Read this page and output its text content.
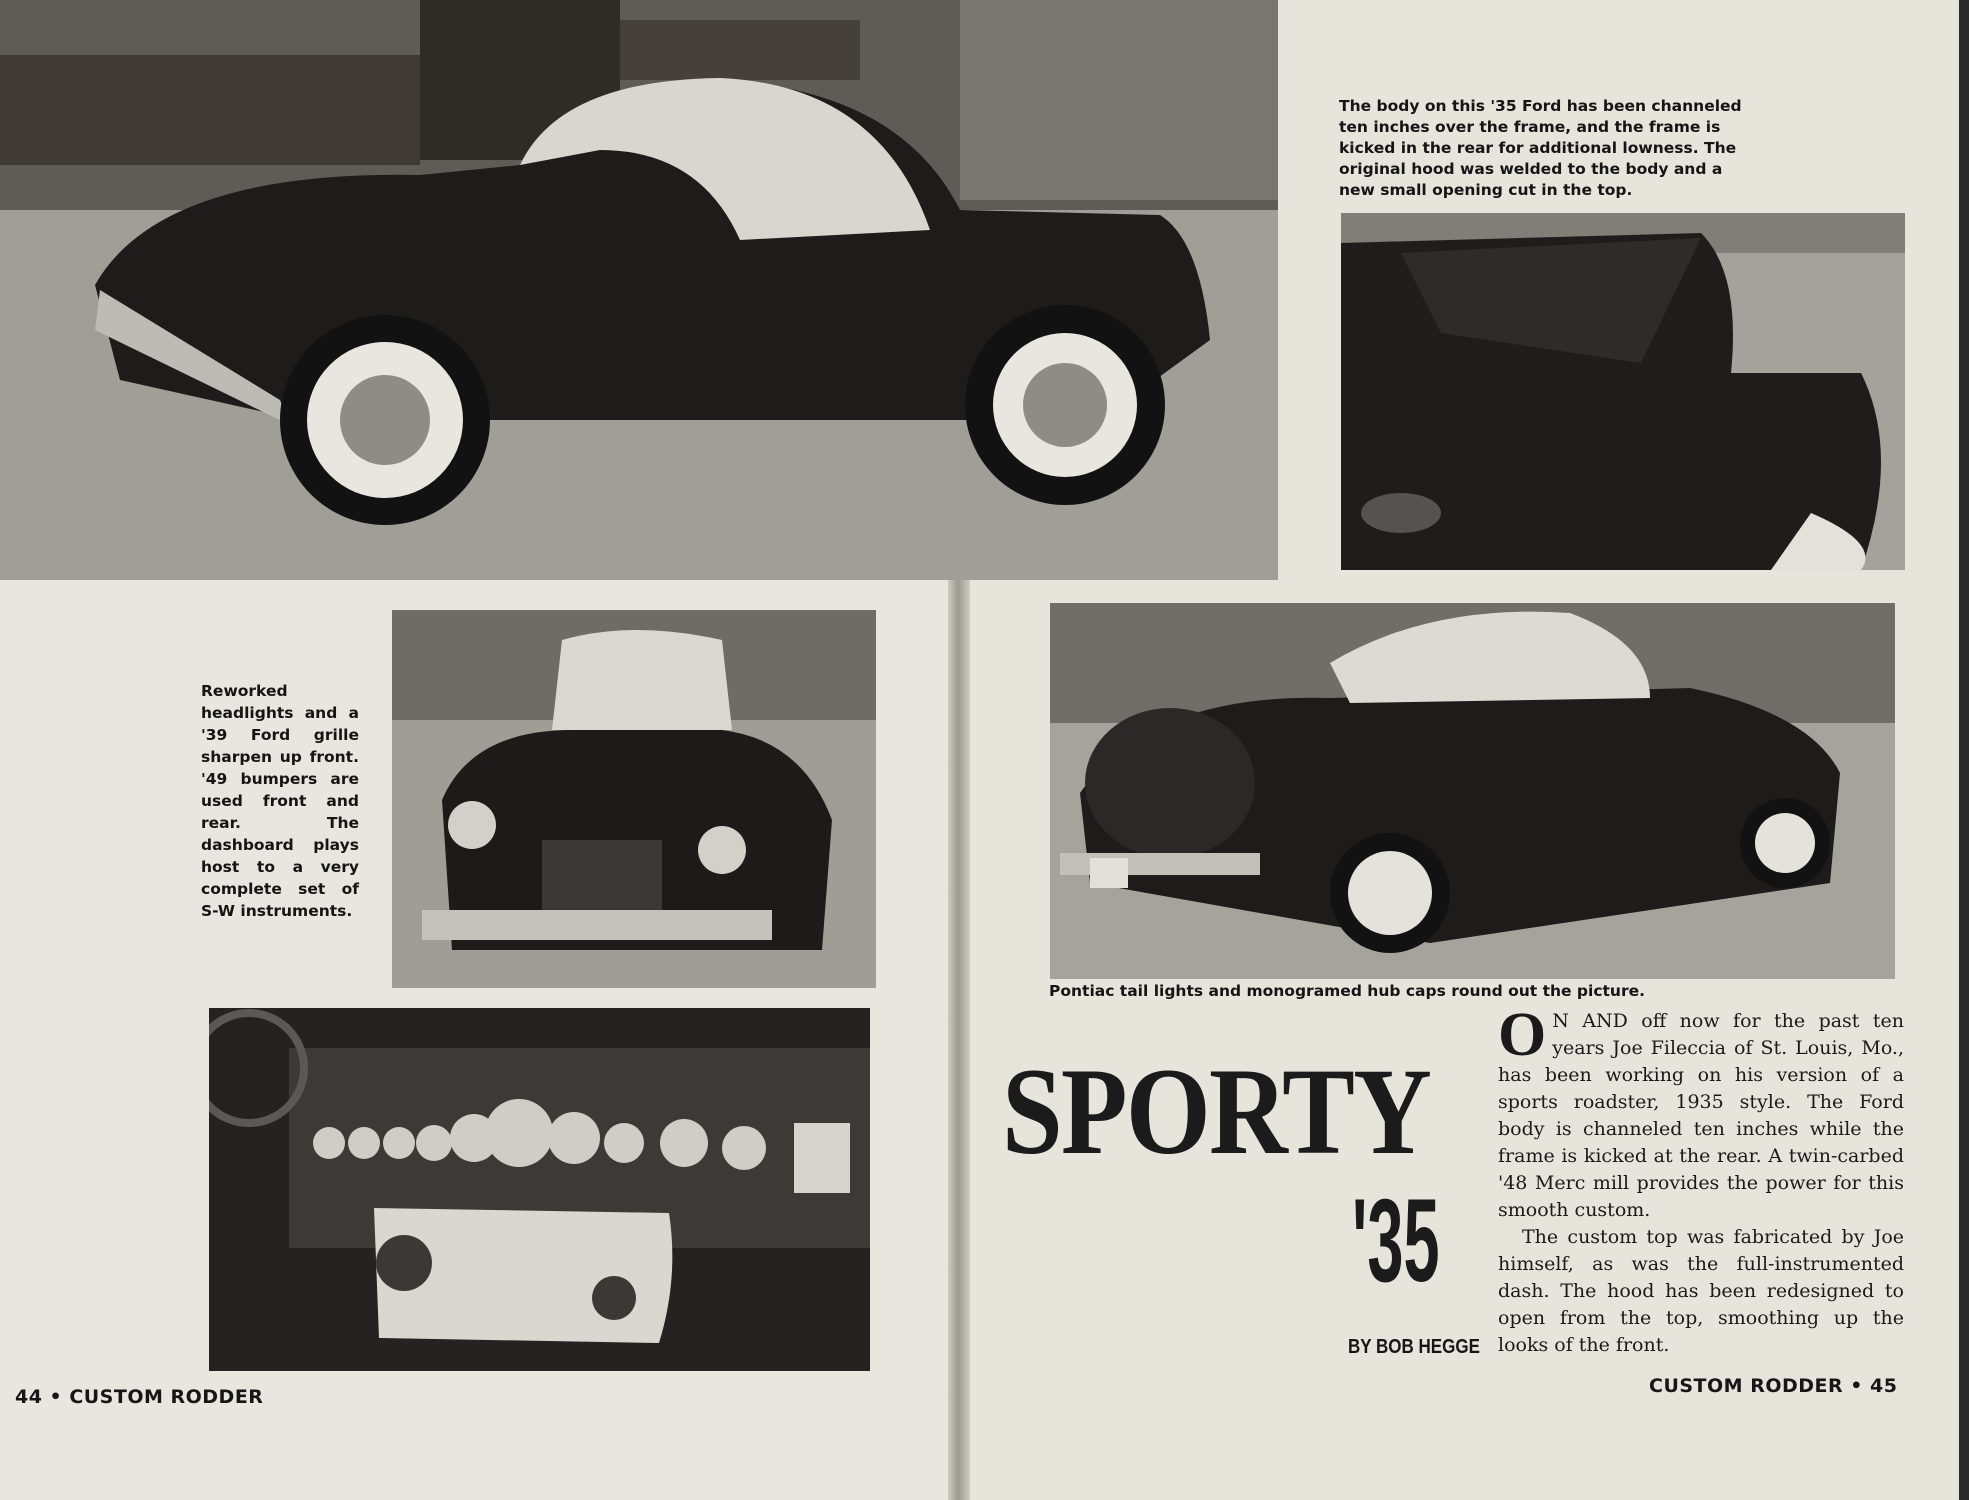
Reworked headlights and a '39 Ford grille sharpen up front. '49 bumpers are used front and rear. The dashboard plays host to a very complete set of S-W instruments.
The body on this '35 Ford has been channeled ten inches over the frame, and the frame is kicked in the rear for additional lowness. The original hood was welded to the body and a new small opening cut in the top.
Pontiac tail lights and monogramed hub caps round out the picture.
SPORTY
'35
BY BOB HEGGE

O N AND off now for the past ten years Joe Fileccia of St. Louis, Mo., has been working on his version of a sports roadster, 1935 style. The Ford body is channeled ten inches while the frame is kicked at the rear. A twin-carbed '48 Merc mill provides the power for this smooth custom.

The custom top was fabricated by Joe himself, as was the full-instrumented dash. The hood has been redesigned to open from the top, smoothing up the looks of the front.

44 • CUSTOM RODDER	CUSTOM RODDER • 45
